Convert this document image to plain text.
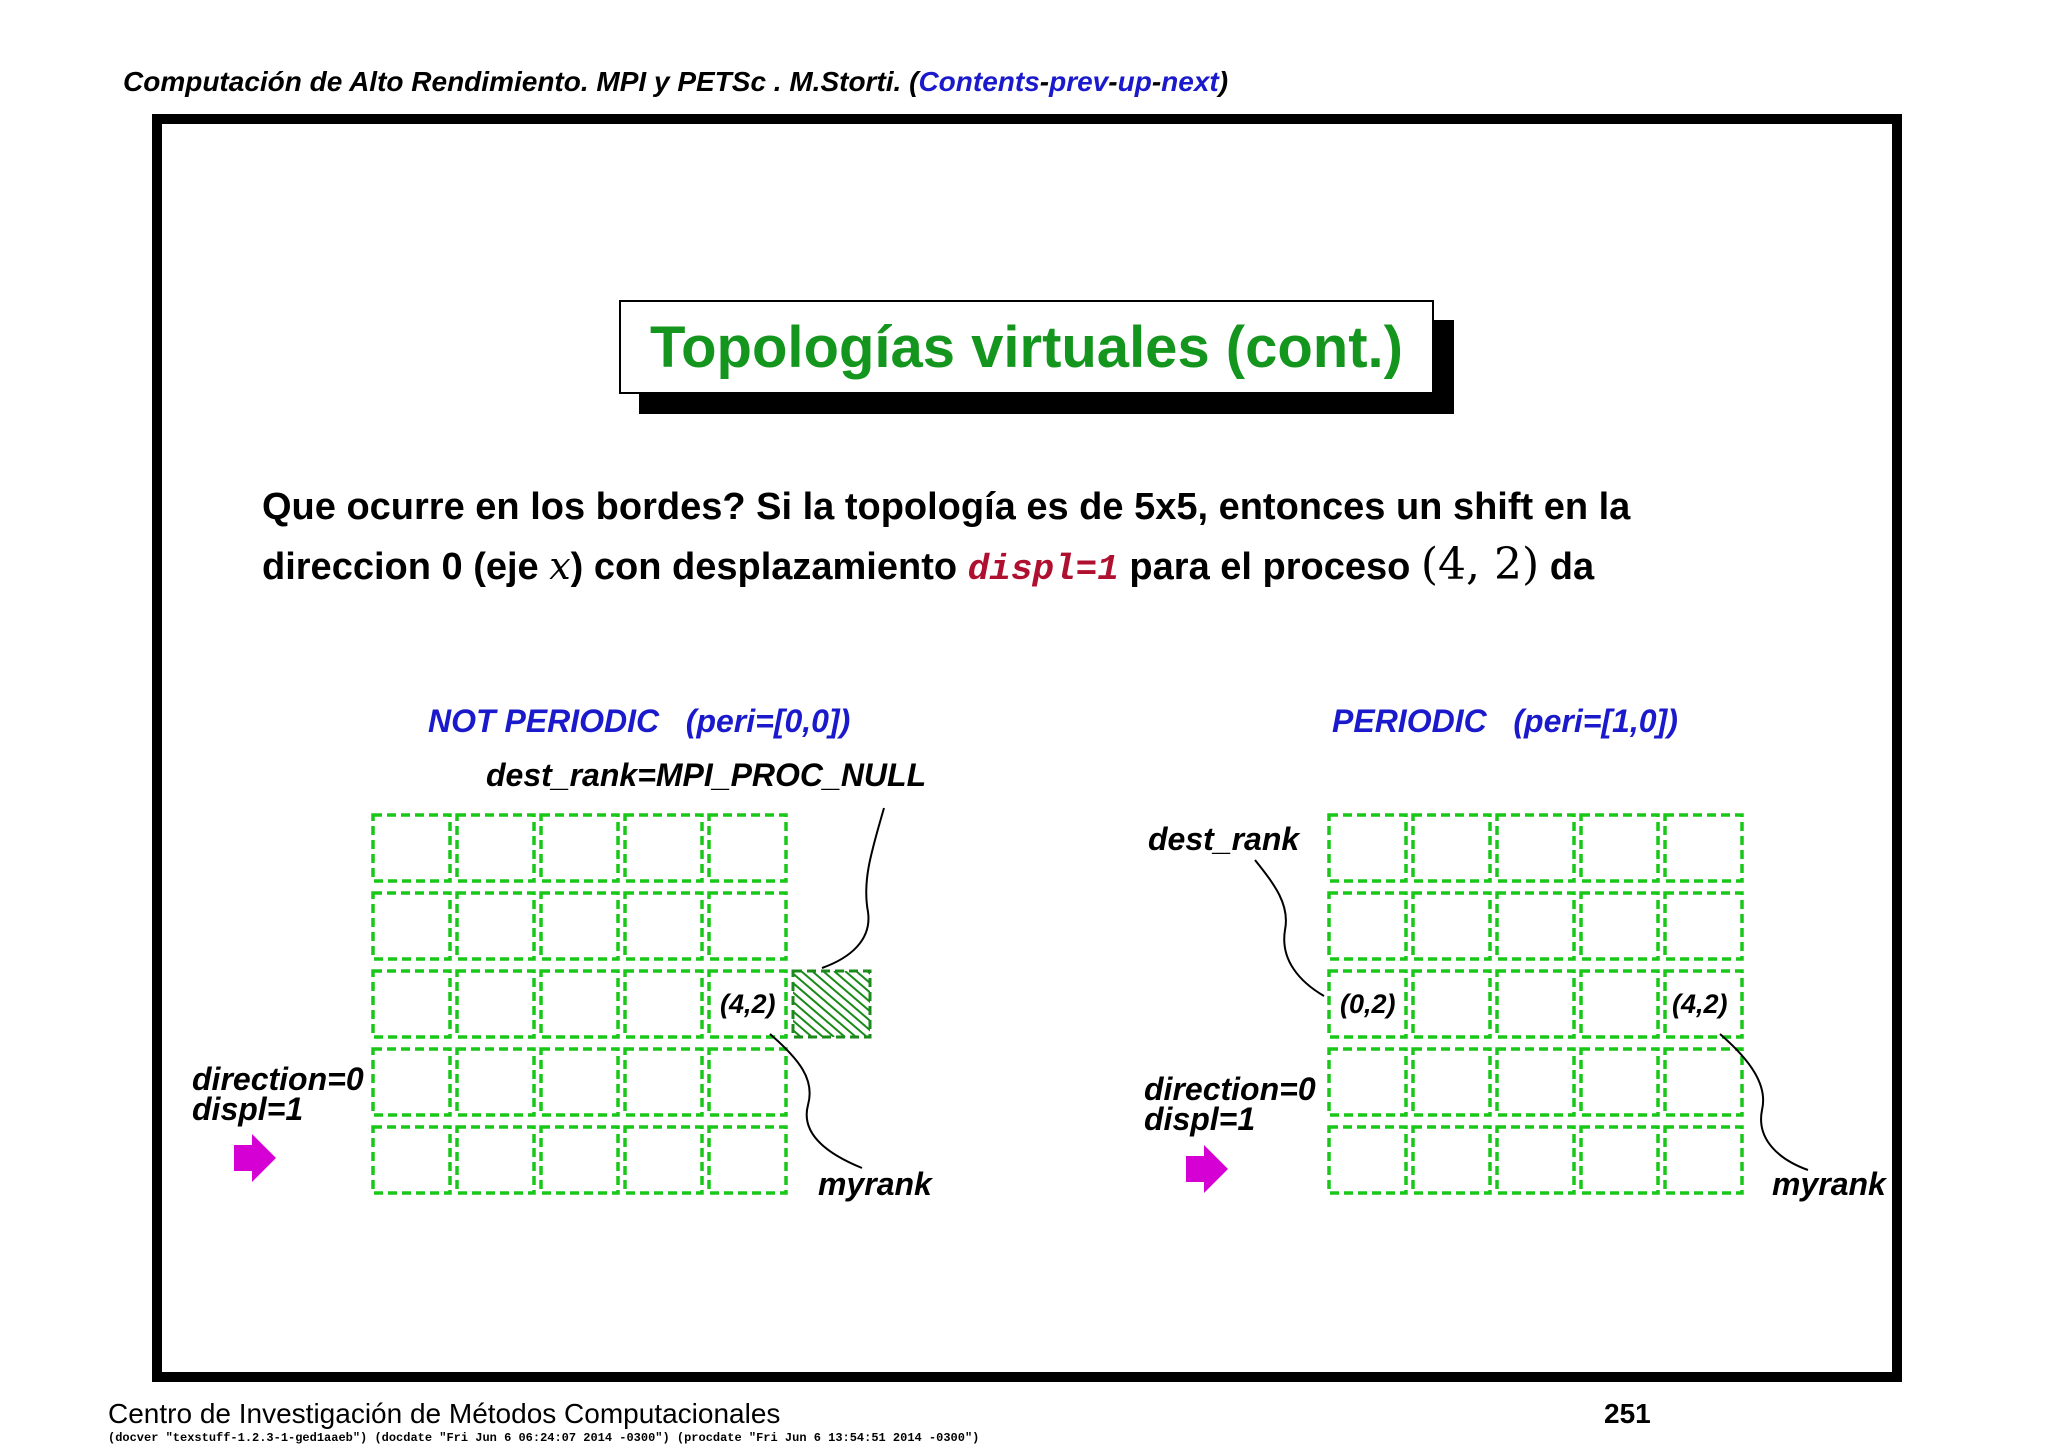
Computación de Alto Rendimiento. MPI y PETSc . M.Storti. (Contents-prev-up-next)
Topologías virtuales (cont.)
Que ocurre en los bordes? Si la topología es de 5x5, entonces un shift en la
direccion 0 (eje x) con desplazamiento displ=1 para el proceso (4, 2) da
NOT PERIODIC   (peri=[0,0])
dest_rank=MPI_PROC_NULL
(4,2)
myrank
direction=0
displ=1
PERIODIC   (peri=[1,0])
dest_rank
(0,2)	(4,2)
myrank
direction=0
displ=1
Centro de Investigación de Métodos Computacionales	251
(docver "texstuff-1.2.3-1-ged1aaeb") (docdate "Fri Jun 6 06:24:07 2014 -0300") (procdate "Fri Jun 6 13:54:51 2014 -0300")
